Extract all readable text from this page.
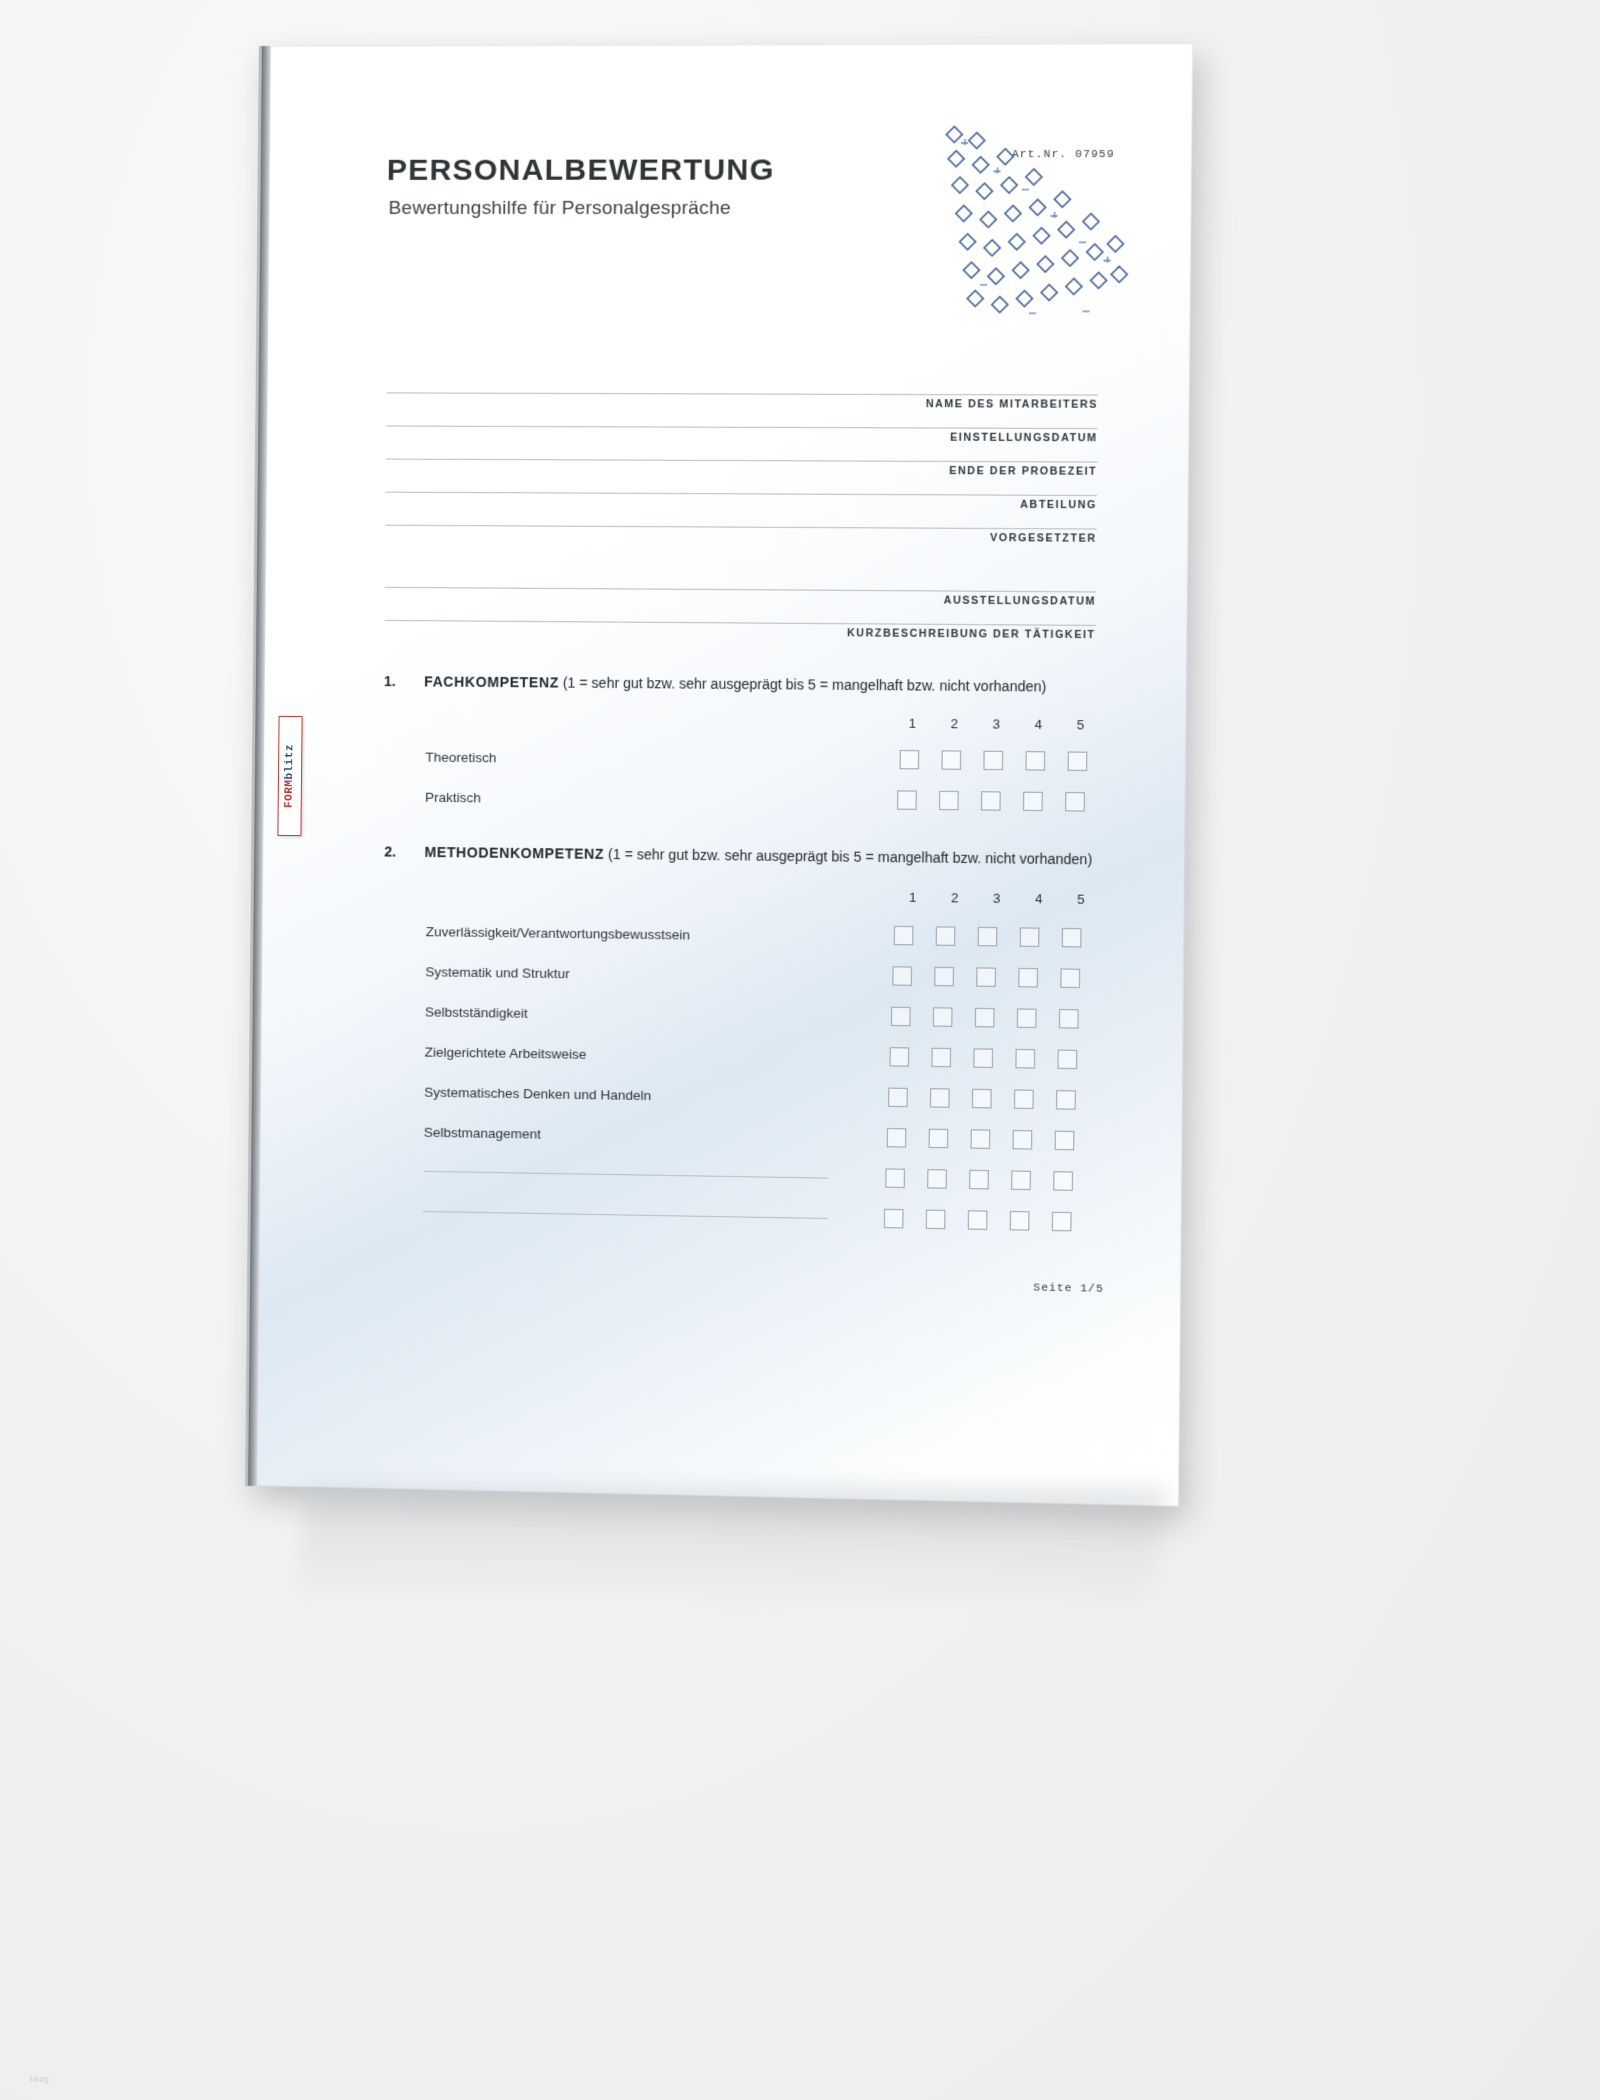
PERSONALBEWERTUNG
Bewertungshilfe für Personalgespräche
Art.Nr. 07959
NAME DES MITARBEITERS
EINSTELLUNGSDATUM
ENDE DER PROBEZEIT
ABTEILUNG
VORGESETZTER
AUSSTELLUNGSDATUM
KURZBESCHREIBUNG DER TÄTIGKEIT
1. FACHKOMPETENZ (1 = sehr gut bzw. sehr ausgeprägt bis 5 = mangelhaft bzw. nicht vorhanden)
1	2	3	4	5
Theoretisch
Praktisch
2. METHODENKOMPETENZ (1 = sehr gut bzw. sehr ausgeprägt bis 5 = mangelhaft bzw. nicht vorhanden)
1	2	3	4	5
Zuverlässigkeit/Verantwortungsbewusstsein
Systematik und Struktur
Selbstständigkeit
Zielgerichtete Arbeitsweise
Systematisches Denken und Handeln
Selbstmanagement
Seite 1/5
FORMblitz
hkdg
